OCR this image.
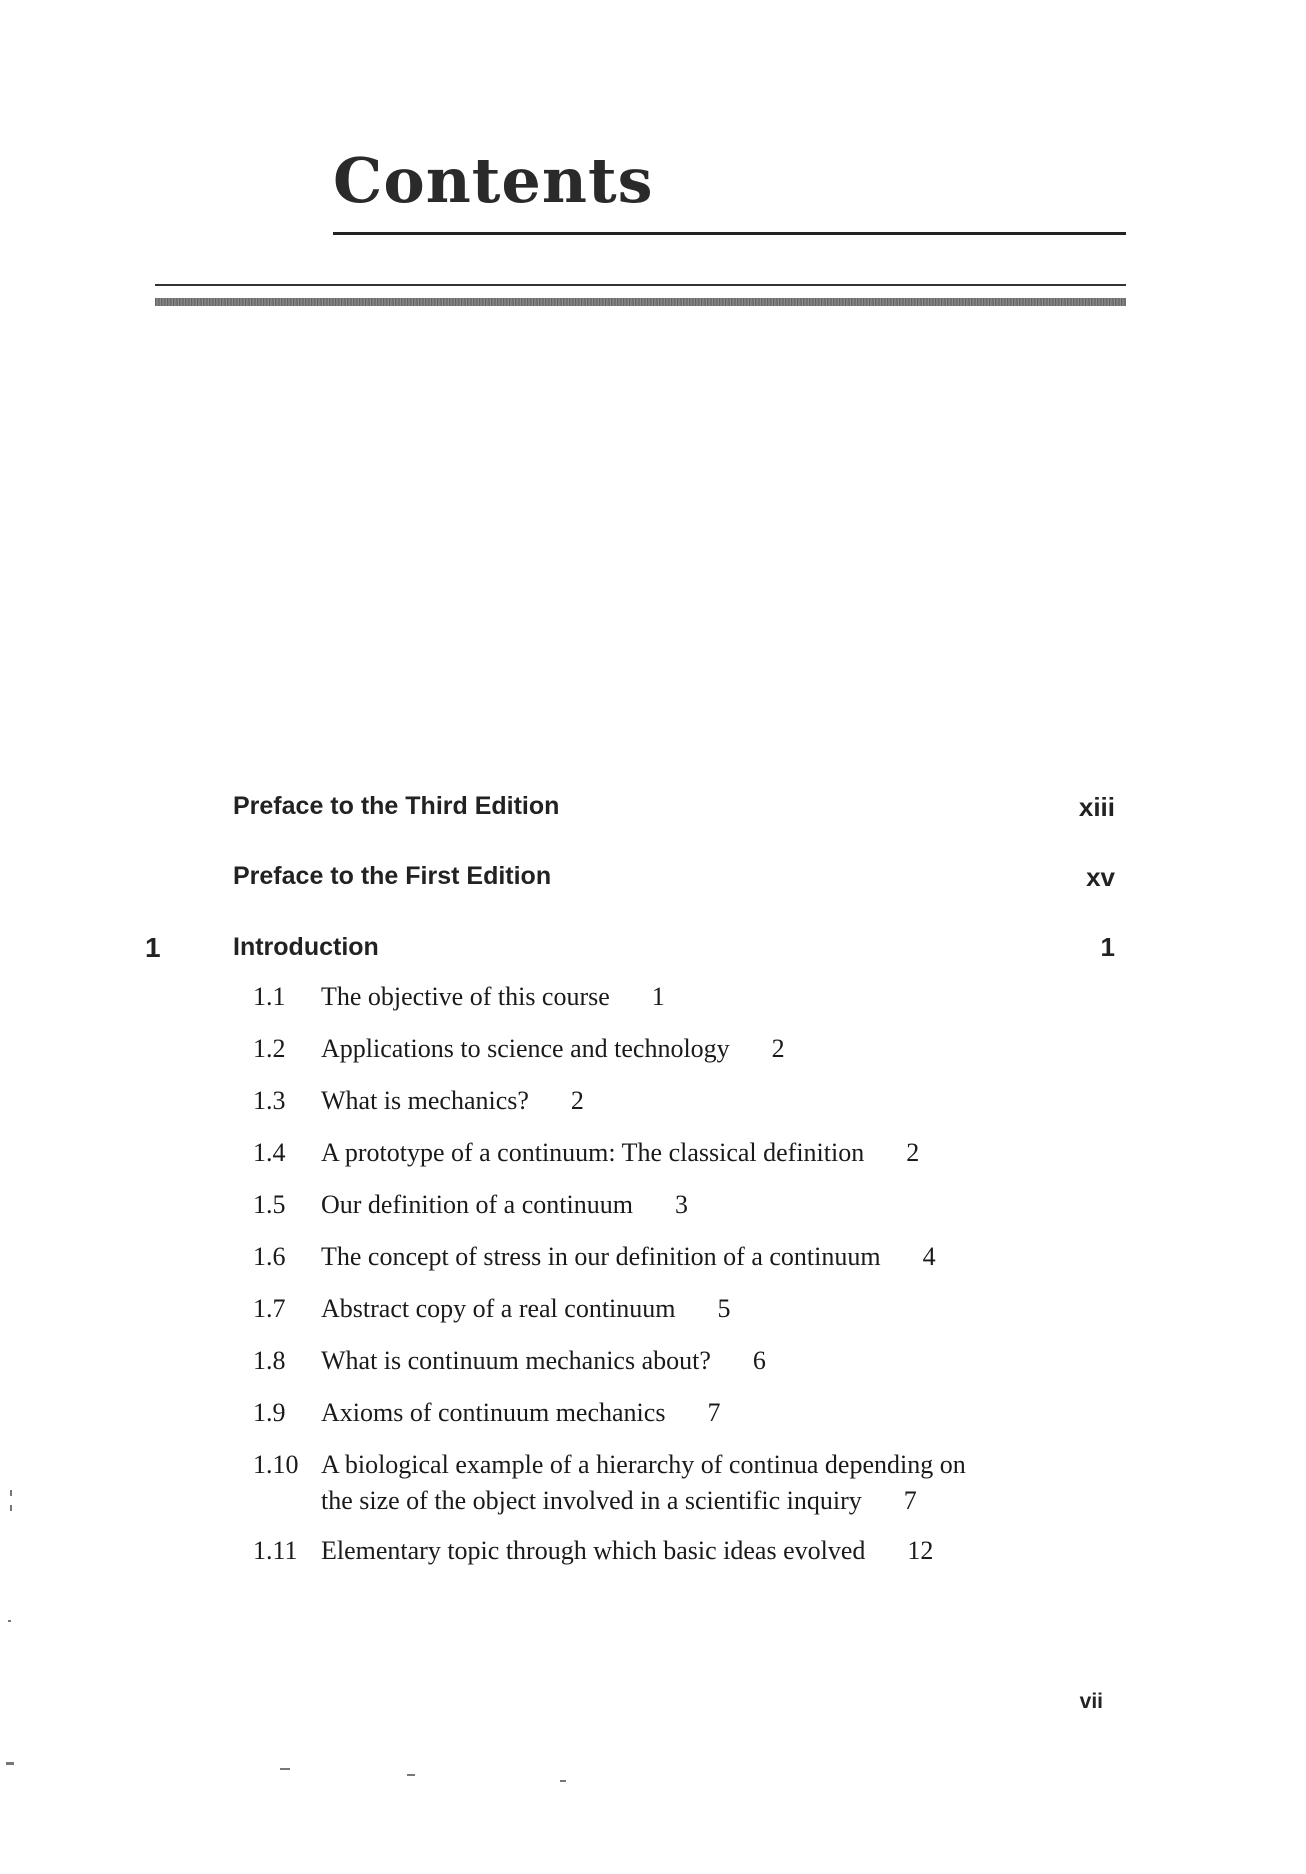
Contents
Preface to the Third Edition	xiii
Preface to the First Edition	xv
1	Introduction	1
1.1 The objective of this course 1
1.2 Applications to science and technology 2
1.3 What is mechanics? 2
1.4 A prototype of a continuum: The classical definition 2
1.5 Our definition of a continuum 3
1.6 The concept of stress in our definition of a continuum 4
1.7 Abstract copy of a real continuum 5
1.8 What is continuum mechanics about? 6
1.9 Axioms of continuum mechanics 7
1.10 A biological example of a hierarchy of continua depending on
the size of the object involved in a scientific inquiry 7
1.11 Elementary topic through which basic ideas evolved 12
vii
